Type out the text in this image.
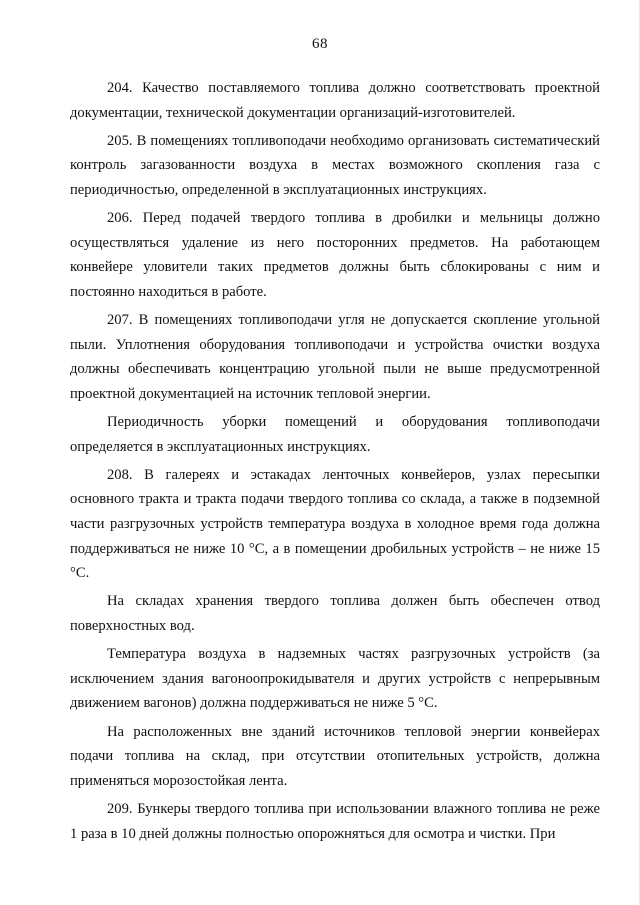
68

204. Качество поставляемого топлива должно соответствовать проектной документации, технической документации организаций-изготовителей.

205. В помещениях топливоподачи необходимо организовать систематический контроль загазованности воздуха в местах возможного скопления газа с периодичностью, определенной в эксплуатационных инструкциях.

206. Перед подачей твердого топлива в дробилки и мельницы должно осуществляться удаление из него посторонних предметов. На работающем конвейере уловители таких предметов должны быть сблокированы с ним и постоянно находиться в работе.

207. В помещениях топливоподачи угля не допускается скопление угольной пыли. Уплотнения оборудования топливоподачи и устройства очистки воздуха должны обеспечивать концентрацию угольной пыли не выше предусмотренной проектной документацией на источник тепловой энергии.

Периодичность уборки помещений и оборудования топливоподачи определяется в эксплуатационных инструкциях.

208. В галереях и эстакадах ленточных конвейеров, узлах пересыпки основного тракта и тракта подачи твердого топлива со склада, а также в подземной части разгрузочных устройств температура воздуха в холодное время года должна поддерживаться не ниже 10 °С, а в помещении дробильных устройств – не ниже 15 °С.

На складах хранения твердого топлива должен быть обеспечен отвод поверхностных вод.

Температура воздуха в надземных частях разгрузочных устройств (за исключением здания вагоноопрокидывателя и других устройств с непрерывным движением вагонов) должна поддерживаться не ниже 5 °С.

На расположенных вне зданий источников тепловой энергии конвейерах подачи топлива на склад, при отсутствии отопительных устройств, должна применяться морозостойкая лента.

209. Бункеры твердого топлива при использовании влажного топлива не реже 1 раза в 10 дней должны полностью опорожняться для осмотра и чистки. При
